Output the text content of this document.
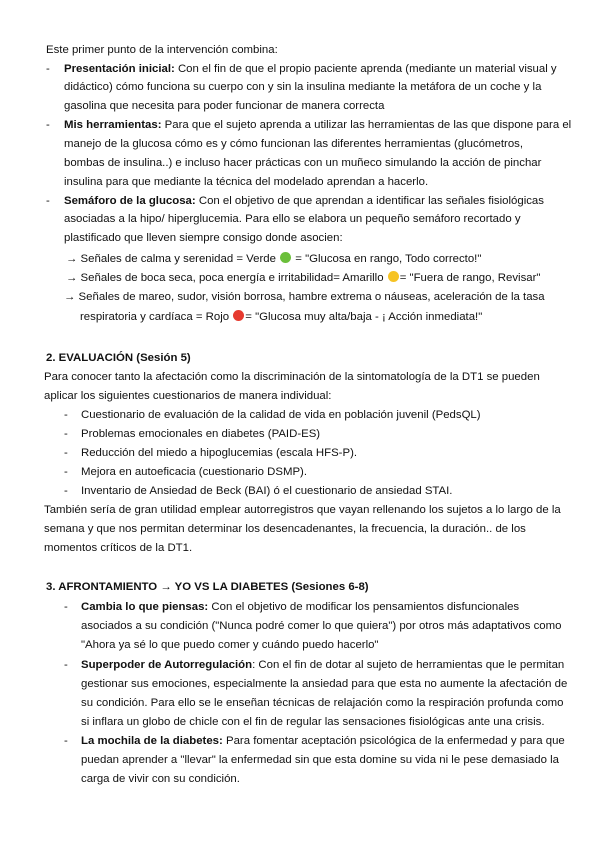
Este primer punto de la intervención combina:
- Presentación inicial: Con el fin de que el propio paciente aprenda (mediante un material visual y
didáctico) cómo funciona su cuerpo con y sin la insulina mediante la metáfora de un coche y la
gasolina que necesita para poder funcionar de manera correcta
- Mis herramientas: Para que el sujeto aprenda a utilizar las herramientas de las que dispone para el
manejo de la glucosa cómo es y cómo funcionan las diferentes herramientas (glucómetros,
bombas de insulina..) e incluso hacer prácticas con un muñeco simulando la acción de pinchar
insulina para que mediante la técnica del modelado aprendan a hacerlo.
- Semáforo de la glucosa: Con el objetivo de que aprendan a identificar las señales fisiológicas
asociadas a la hipo/ hiperglucemia. Para ello se elabora un pequeño semáforo recortado y
plastificado que lleven siempre consigo donde asocien:
→ Señales de calma y serenidad = Verde = "Glucosa en rango, Todo correcto!"
→ Señales de boca seca, poca energía e irritabilidad= Amarillo = "Fuera de rango, Revisar"
→ Señales de mareo, sudor, visión borrosa, hambre extrema o náuseas, aceleración de la tasa
respiratoria y cardíaca = Rojo = "Glucosa muy alta/baja - ¡ Acción inmediata!"
2. EVALUACIÓN (Sesión 5)
Para conocer tanto la afectación como la discriminación de la sintomatología de la DT1 se pueden
aplicar los siguientes cuestionarios de manera individual:
- Cuestionario de evaluación de la calidad de vida en población juvenil (PedsQL)
- Problemas emocionales en diabetes (PAID-ES)
- Reducción del miedo a hipoglucemias (escala HFS-P).
- Mejora en autoeficacia (cuestionario DSMP).
- Inventario de Ansiedad de Beck (BAI) ó el cuestionario de ansiedad STAI.
También sería de gran utilidad emplear autorregistros que vayan rellenando los sujetos a lo largo de la
semana y que nos permitan determinar los desencadenantes, la frecuencia, la duración.. de los
momentos críticos de la DT1.
3. AFRONTAMIENTO → YO VS LA DIABETES (Sesiones 6-8)
- Cambia lo que piensas: Con el objetivo de modificar los pensamientos disfuncionales
asociados a su condición ("Nunca podré comer lo que quiera") por otros más adaptativos como
"Ahora ya sé lo que puedo comer y cuándo puedo hacerlo"
- Superpoder de Autorregulación: Con el fin de dotar al sujeto de herramientas que le permitan
gestionar sus emociones, especialmente la ansiedad para que esta no aumente la afectación de
su condición. Para ello se le enseñan técnicas de relajación como la respiración profunda como
si inflara un globo de chicle con el fin de regular las sensaciones fisiológicas ante una crisis.
- La mochila de la diabetes: Para fomentar aceptación psicológica de la enfermedad y para que
puedan aprender a "llevar" la enfermedad sin que esta domine su vida ni le pese demasiado la
carga de vivir con su condición.
